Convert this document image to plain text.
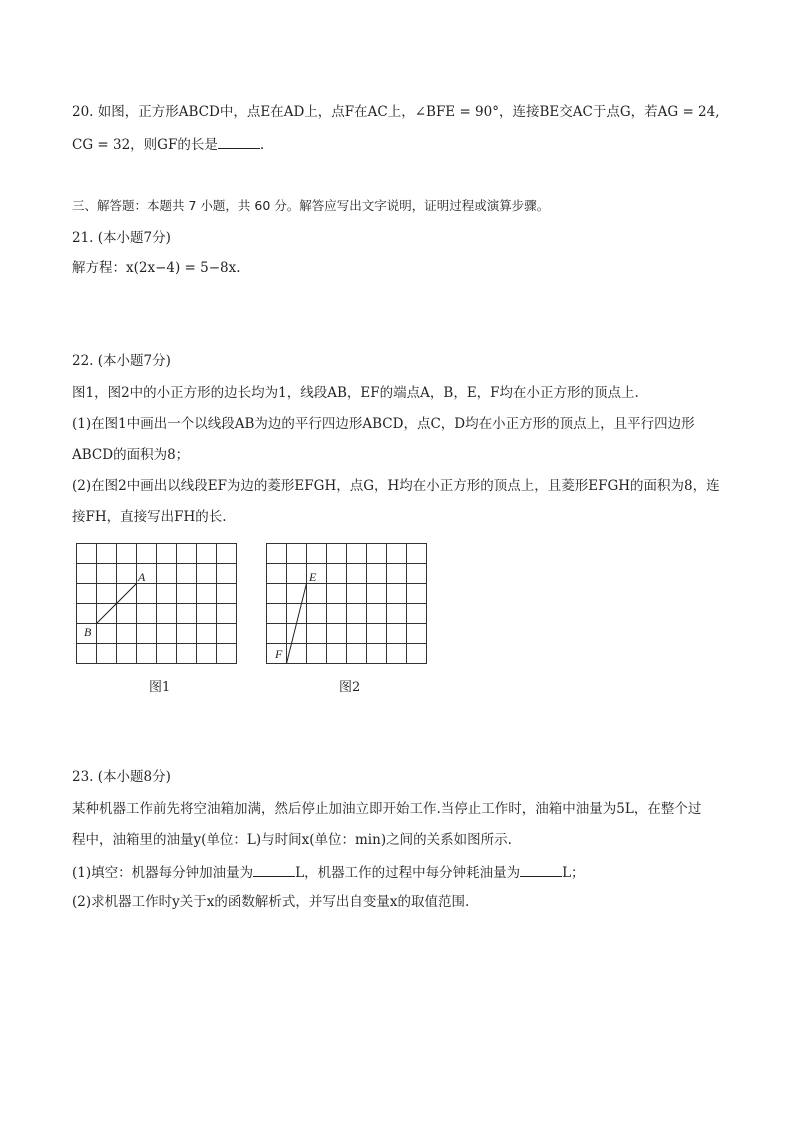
20. 如图，正方形ABCD中，点E在AD上，点F在AC上，∠BFE = 90°，连接BE交AC于点G，若AG = 24,
CG = 32，则GF的长是	.
三、解答题：本题共 7 小题，共 60 分。解答应写出文字说明，证明过程或演算步骤。
21. (本小题7分)
解方程：x(2x−4) = 5−8x.
22. (本小题7分)
图1，图2中的小正方形的边长均为1，线段AB，EF的端点A，B，E，F均在小正方形的顶点上.
(1)在图1中画出一个以线段AB为边的平行四边形ABCD，点C，D均在小正方形的顶点上，且平行四边形
ABCD的面积为8；
(2)在图2中画出以线段EF为边的菱形EFGH，点G，H均在小正方形的顶点上，且菱形EFGH的面积为8，连
接FH，直接写出FH的长.
A
B
图1
E
F
图2
23. (本小题8分)
某种机器工作前先将空油箱加满，然后停止加油立即开始工作.当停止工作时，油箱中油量为5L，在整个过
程中，油箱里的油量y(单位：L)与时间x(单位：min)之间的关系如图所示.
(1)填空：机器每分钟加油量为	L，机器工作的过程中每分钟耗油量为	L；
(2)求机器工作时y关于x的函数解析式，并写出自变量x的取值范围.
